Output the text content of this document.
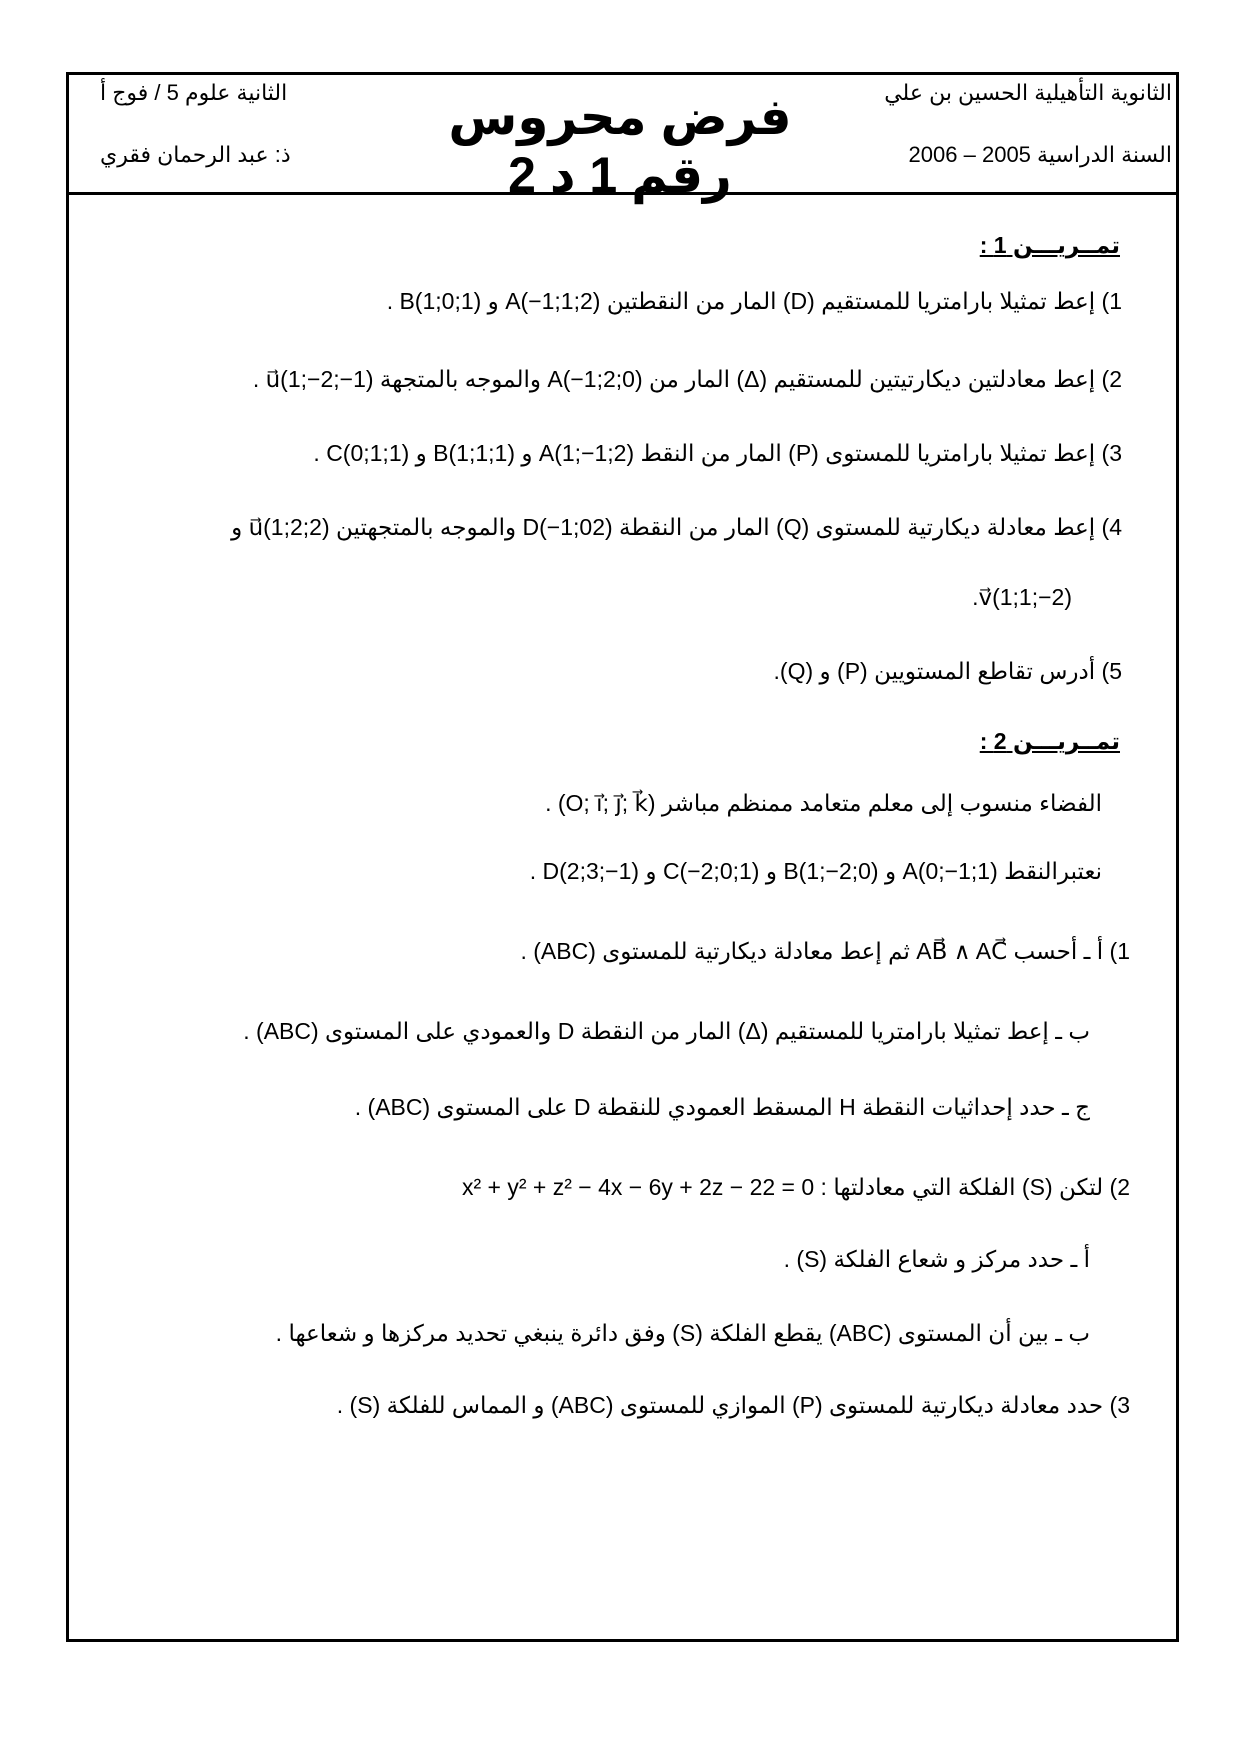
الثانوية التأهيلية الحسين بن علي
السنة الدراسية 2005 – 2006
فرض محروس رقم 1 د 2
الثانية علوم 5 / فوج أ
ذ: عبد الرحمان فقري
تمــريـــن 1 :
1) إعط تمثيلا بارامتريا للمستقيم (D) المار من النقطتين A(−1;1;2) و B(1;0;1) .
2) إعط معادلتين ديكارتيتين للمستقيم (Δ) المار من A(−1;2;0) والموجه بالمتجهة u⃗(1;−2;−1) .
3) إعط تمثيلا بارامتريا للمستوى (P) المار من النقط A(1;−1;2) و B(1;1;1) و C(0;1;1) .
4) إعط معادلة ديكارتية للمستوى (Q) المار من النقطة D(−1;02) والموجه بالمتجهتين u⃗(1;2;2) و
.v⃗(1;1;−2)
5) أدرس تقاطع المستويين (P) و (Q).
تمــريـــن 2 :
الفضاء منسوب إلى معلم متعامد ممنظم مباشر (O; i⃗; j⃗; k⃗) .
نعتبرالنقط A(0;−1;1) و B(1;−2;0) و C(−2;0;1) و D(2;3;−1) .
1) أ ـ أحسب AB⃗ ∧ AC⃗ ثم إعط معادلة ديكارتية للمستوى (ABC) .
ب ـ إعط تمثيلا بارامتريا للمستقيم (Δ) المار من النقطة D والعمودي على المستوى (ABC) .
ج ـ حدد إحداثيات النقطة H المسقط العمودي للنقطة D على المستوى (ABC) .
2) لتكن (S) الفلكة التي معادلتها : x² + y² + z² − 4x − 6y + 2z − 22 = 0
أ ـ حدد مركز و شعاع الفلكة (S) .
ب ـ بين أن المستوى (ABC) يقطع الفلكة (S) وفق دائرة ينبغي تحديد مركزها و شعاعها .
3) حدد معادلة ديكارتية للمستوى (P) الموازي للمستوى (ABC) و المماس للفلكة (S) .
